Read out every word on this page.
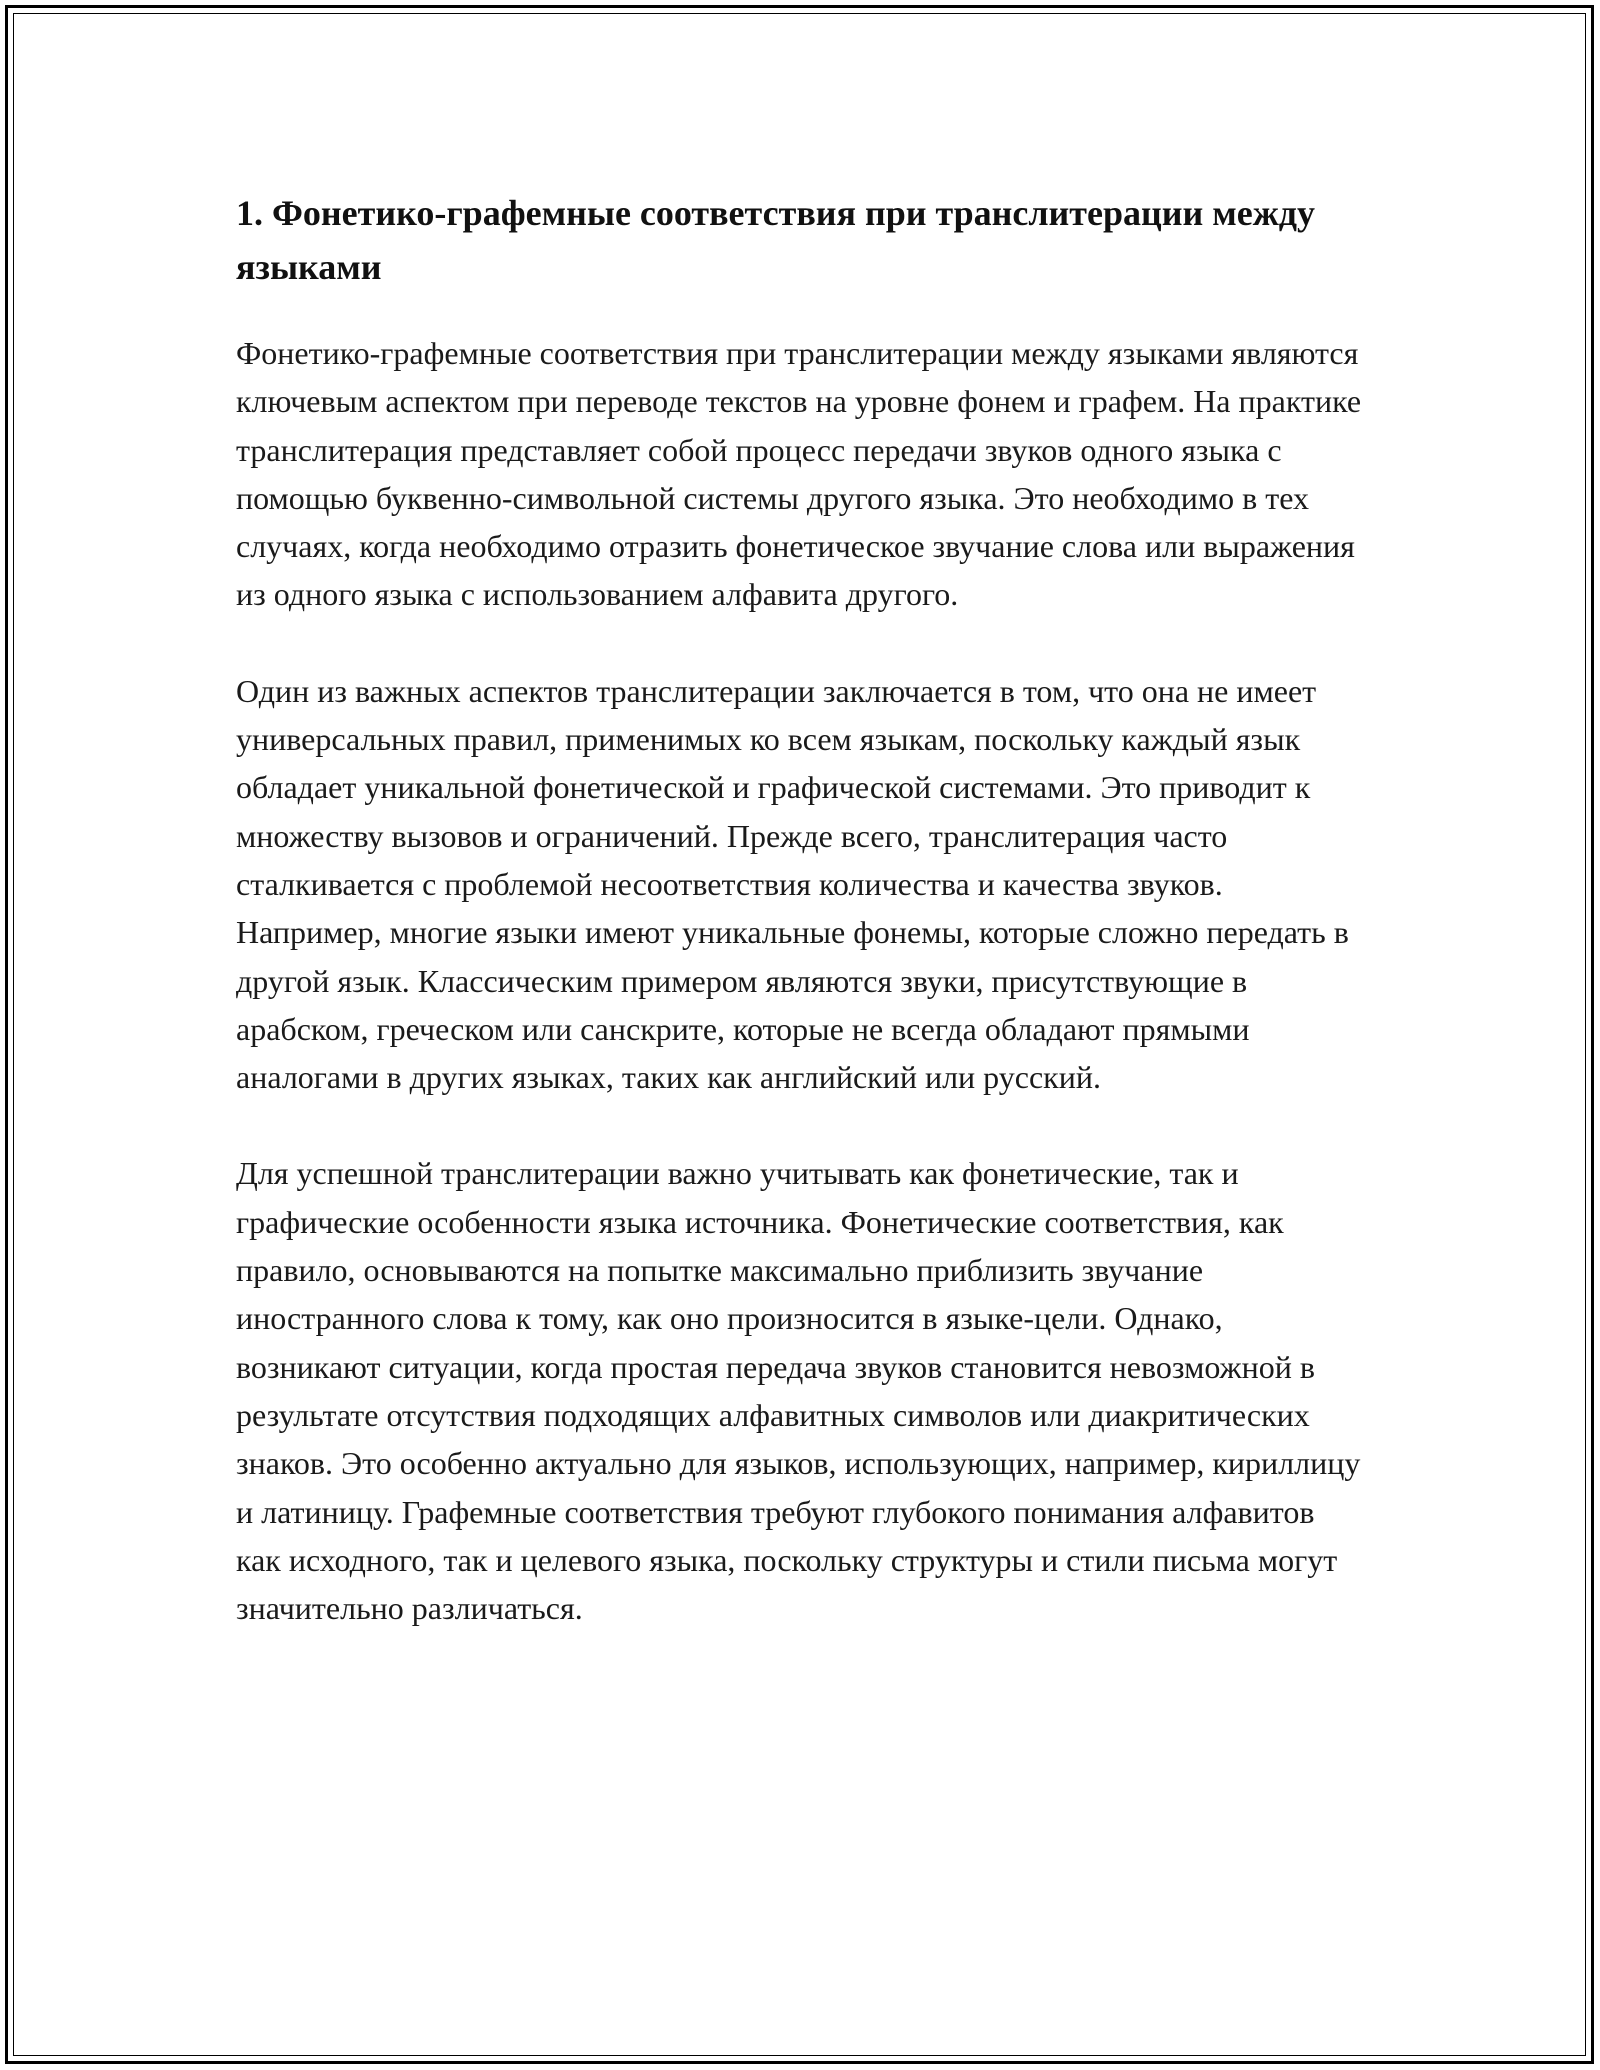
1. Фонетико-графемные соответствия при транслитерации между языками

Фонетико-графемные соответствия при транслитерации между языками являются ключевым аспектом при переводе текстов на уровне фонем и графем. На практике транслитерация представляет собой процесс передачи звуков одного языка с помощью буквенно-символьной системы другого языка. Это необходимо в тех случаях, когда необходимо отразить фонетическое звучание слова или выражения из одного языка с использованием алфавита другого.

Один из важных аспектов транслитерации заключается в том, что она не имеет универсальных правил, применимых ко всем языкам, поскольку каждый язык обладает уникальной фонетической и графической системами. Это приводит к множеству вызовов и ограничений. Прежде всего, транслитерация часто сталкивается с проблемой несоответствия количества и качества звуков. Например, многие языки имеют уникальные фонемы, которые сложно передать в другой язык. Классическим примером являются звуки, присутствующие в арабском, греческом или санскрите, которые не всегда обладают прямыми аналогами в других языках, таких как английский или русский.

Для успешной транслитерации важно учитывать как фонетические, так и графические особенности языка источника. Фонетические соответствия, как правило, основываются на попытке максимально приблизить звучание иностранного слова к тому, как оно произносится в языке-цели. Однако, возникают ситуации, когда простая передача звуков становится невозможной в результате отсутствия подходящих алфавитных символов или диакритических знаков. Это особенно актуально для языков, использующих, например, кириллицу и латиницу. Графемные соответствия требуют глубокого понимания алфавитов как исходного, так и целевого языка, поскольку структуры и стили письма могут значительно различаться.
